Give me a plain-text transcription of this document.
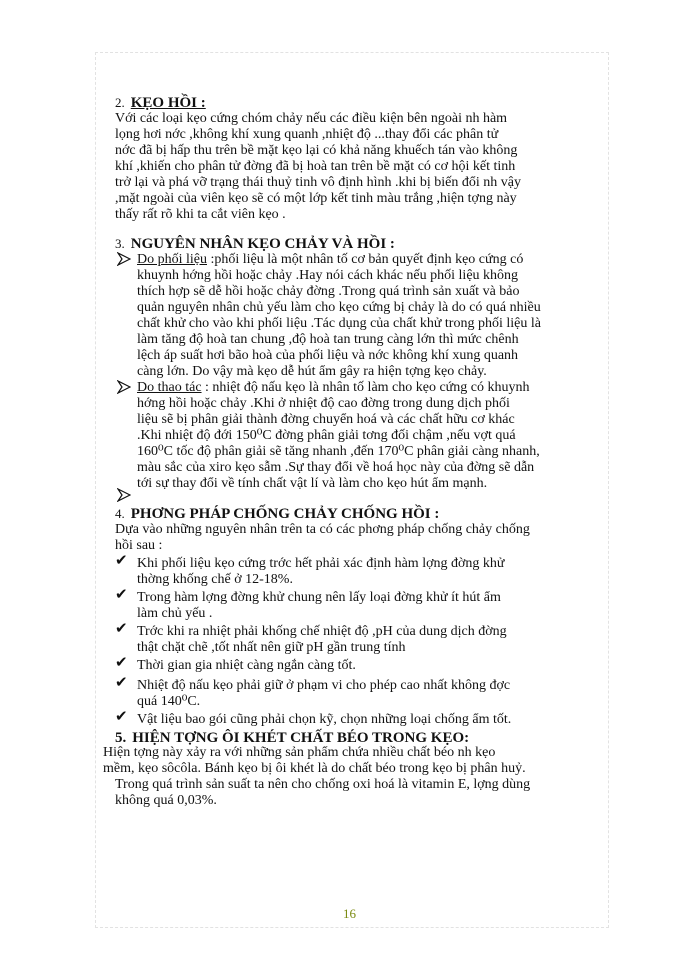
2. KẸO HỒI :
Với các loại kẹo cứng chóm chảy nếu các điều kiện bên ngoài nh hàm
lọng hơi nớc ,không khí xung quanh ,nhiệt độ ...thay đổi các phân tử
nớc đã bị hấp thu trên bề mặt kẹo lại có khả năng khuếch tán vào không
khí ,khiến cho phân tử đờng đã bị hoà tan trên bề mặt có cơ hội kết tinh
trở lại và phá vỡ trạng thái thuỷ tinh vô định hình .khi bị biến đổi nh vậy
,mặt ngoài của viên kẹo sẽ có một lớp kết tinh màu trắng ,hiện tợng này
thấy rất rõ khi ta cắt viên kẹo .
3. NGUYÊN NHÂN KẸO CHẢY VÀ HỒI :
Do phối liệu :phối liệu là một nhân tố cơ bản quyết định kẹo cứng có
khuynh hớng hồi hoặc chảy .Hay nói cách khác nếu phối liệu không
thích hợp sẽ dễ hồi hoặc chảy đờng .Trong quá trình sản xuất và bảo
quản nguyên nhân chủ yếu làm cho kẹo cứng bị chảy là do có quá nhiều
chất khử cho vào khi phối liệu .Tác dụng của chất khử trong phối liệu là
làm tăng độ hoà tan chung ,độ hoà tan trung càng lớn thì mức chênh
lệch áp suất hơi bão hoà của phối liệu và nớc không khí xung quanh
càng lớn. Do vậy mà kẹo dễ hút ẩm gây ra hiện tợng kẹo chảy.
Do thao tác : nhiệt độ nấu kẹo là nhân tố làm cho kẹo cứng có khuynh
hớng hồi hoặc chảy .Khi ở nhiệt độ cao đờng trong dung dịch phối
liệu sẽ bị phân giải thành đờng chuyển hoá và các chất hữu cơ khác
.Khi nhiệt độ đới 150⁰C đờng phân giải tơng đối chậm ,nếu vợt quá
160⁰C tốc độ phân giải sẽ tăng nhanh ,đến 170⁰C phân giải càng nhanh,
màu sắc của xiro kẹo sẫm .Sự thay đổi về hoá học này của đờng sẽ dẫn
tới sự thay đổi về tính chất vật lí và làm cho kẹo hút ẩm mạnh.
4. PHƠNG PHÁP CHỐNG CHẢY CHỐNG HỒI :
Dựa vào những nguyên nhân trên ta có các phơng pháp chống chảy chống
hồi sau :
✔ Khi phối liệu kẹo cứng trớc hết phải xác định hàm lợng đờng khử
thờng khống chế ở 12-18%.
✔ Trong hàm lợng đờng khử chung nên lấy loại đờng khử ít hút ẩm
làm chủ yếu .
✔ Trớc khi ra nhiệt phải khống chế nhiệt độ ,pH của dung dịch đờng
thật chặt chẽ ,tốt nhất nên giữ pH gần trung tính
✔ Thời gian gia nhiệt càng ngắn càng tốt.
✔ Nhiệt độ nấu kẹo phải giữ ở phạm vi cho phép cao nhất không đợc
quá 140⁰C.
✔ Vật liệu bao gói cũng phải chọn kỹ, chọn những loại chống ẩm tốt.
5. HIỆN TỢNG ÔI KHÉT CHẤT BÉO TRONG KẸO:
Hiện tợng này xảy ra với những sản phẩm chứa nhiều chất béo nh kẹo
mềm, kẹo sôcôla. Bánh kẹo bị ôi khét là do chất béo trong kẹo bị phân huỷ.
Trong quá trình sản suất ta nên cho chống oxi hoá là vitamin E, lợng dùng
không quá 0,03%.
16
